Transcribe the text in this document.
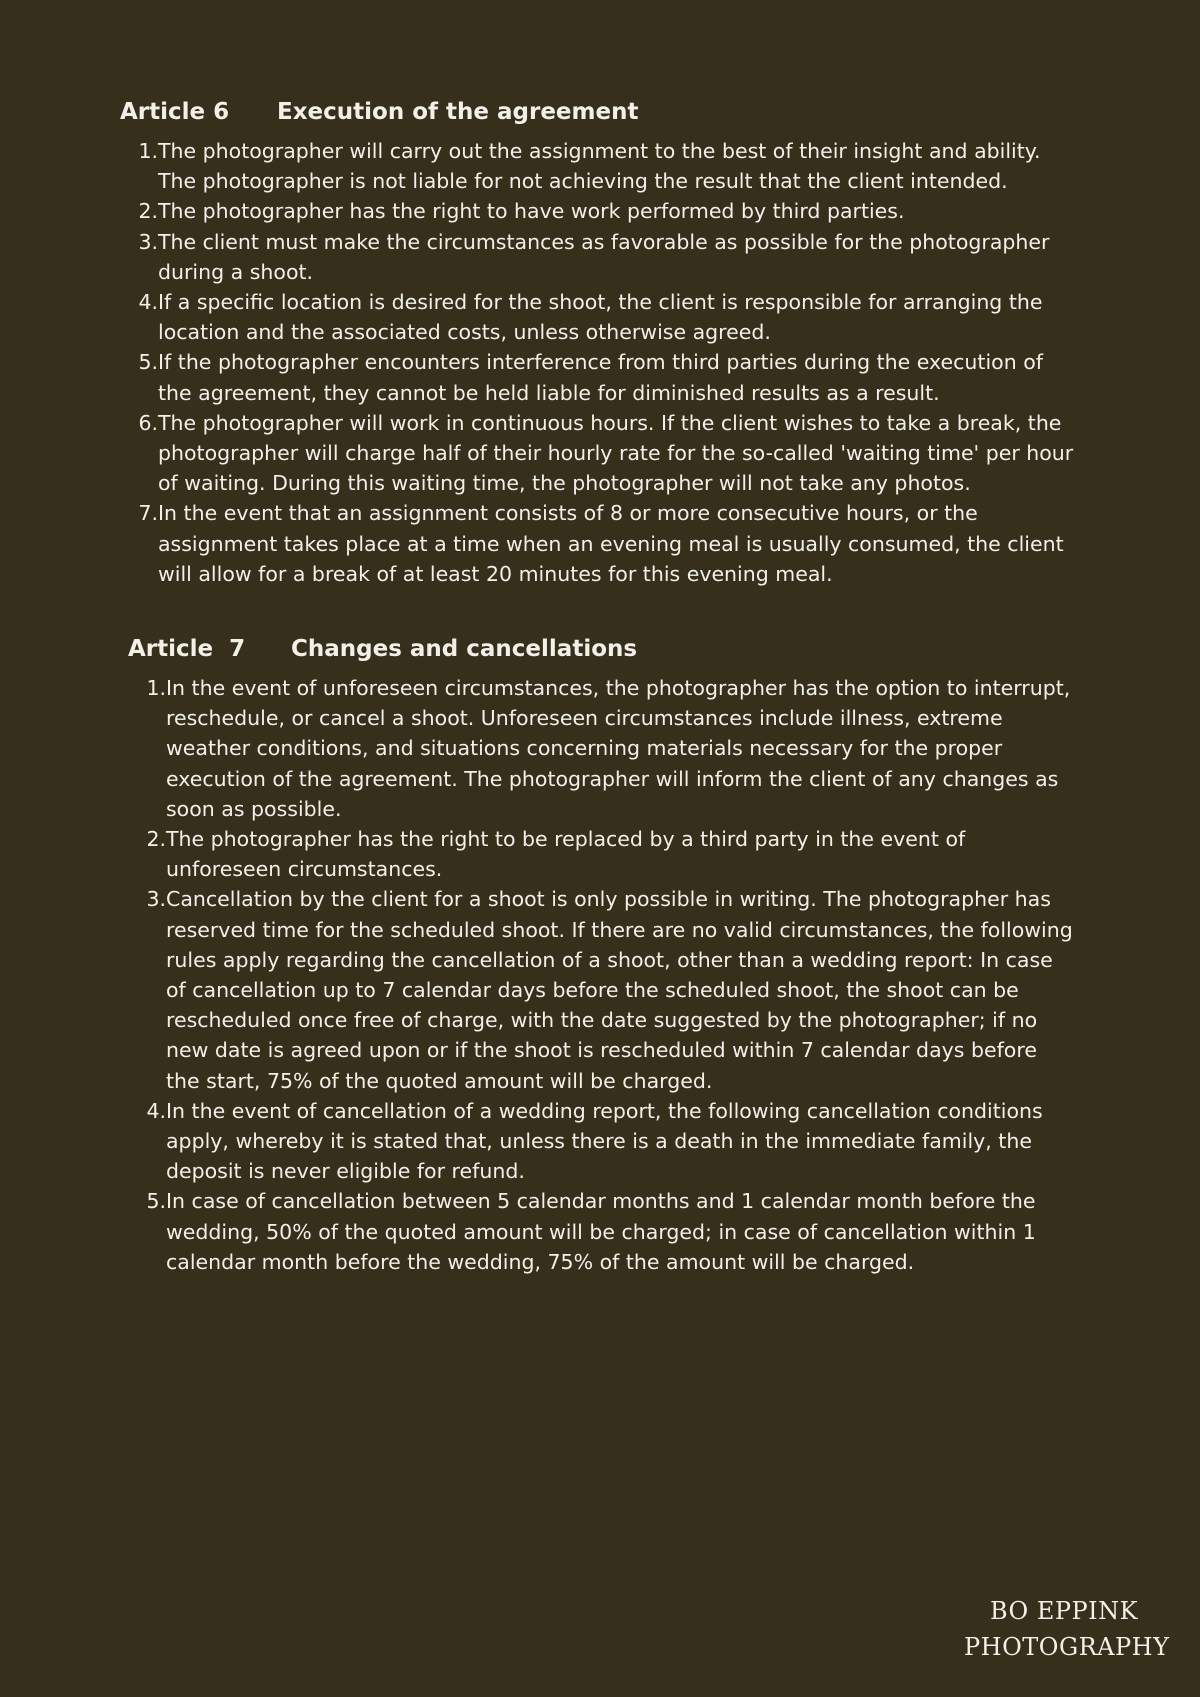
Article 6	Execution of the agreement
1. The photographer will carry out the assignment to the best of their insight and ability. The photographer is not liable for not achieving the result that the client intended.
2. The photographer has the right to have work performed by third parties.
3. The client must make the circumstances as favorable as possible for the photographer during a shoot.
4. If a specific location is desired for the shoot, the client is responsible for arranging the location and the associated costs, unless otherwise agreed.
5. If the photographer encounters interference from third parties during the execution of the agreement, they cannot be held liable for diminished results as a result.
6. The photographer will work in continuous hours. If the client wishes to take a break, the photographer will charge half of their hourly rate for the so-called 'waiting time' per hour of waiting. During this waiting time, the photographer will not take any photos.
7. In the event that an assignment consists of 8 or more consecutive hours, or the assignment takes place at a time when an evening meal is usually consumed, the client will allow for a break of at least 20 minutes for this evening meal.
Article  7	Changes and cancellations
1. In the event of unforeseen circumstances, the photographer has the option to interrupt, reschedule, or cancel a shoot. Unforeseen circumstances include illness, extreme weather conditions, and situations concerning materials necessary for the proper execution of the agreement. The photographer will inform the client of any changes as soon as possible.
2. The photographer has the right to be replaced by a third party in the event of unforeseen circumstances.
3. Cancellation by the client for a shoot is only possible in writing. The photographer has reserved time for the scheduled shoot. If there are no valid circumstances, the following rules apply regarding the cancellation of a shoot, other than a wedding report: In case of cancellation up to 7 calendar days before the scheduled shoot, the shoot can be rescheduled once free of charge, with the date suggested by the photographer; if no new date is agreed upon or if the shoot is rescheduled within 7 calendar days before the start, 75% of the quoted amount will be charged.
4. In the event of cancellation of a wedding report, the following cancellation conditions apply, whereby it is stated that, unless there is a death in the immediate family, the deposit is never eligible for refund.
5. In case of cancellation between 5 calendar months and 1 calendar month before the wedding, 50% of the quoted amount will be charged; in case of cancellation within 1 calendar month before the wedding, 75% of the amount will be charged.
BO EPPINK
PHOTOGRAPHY
